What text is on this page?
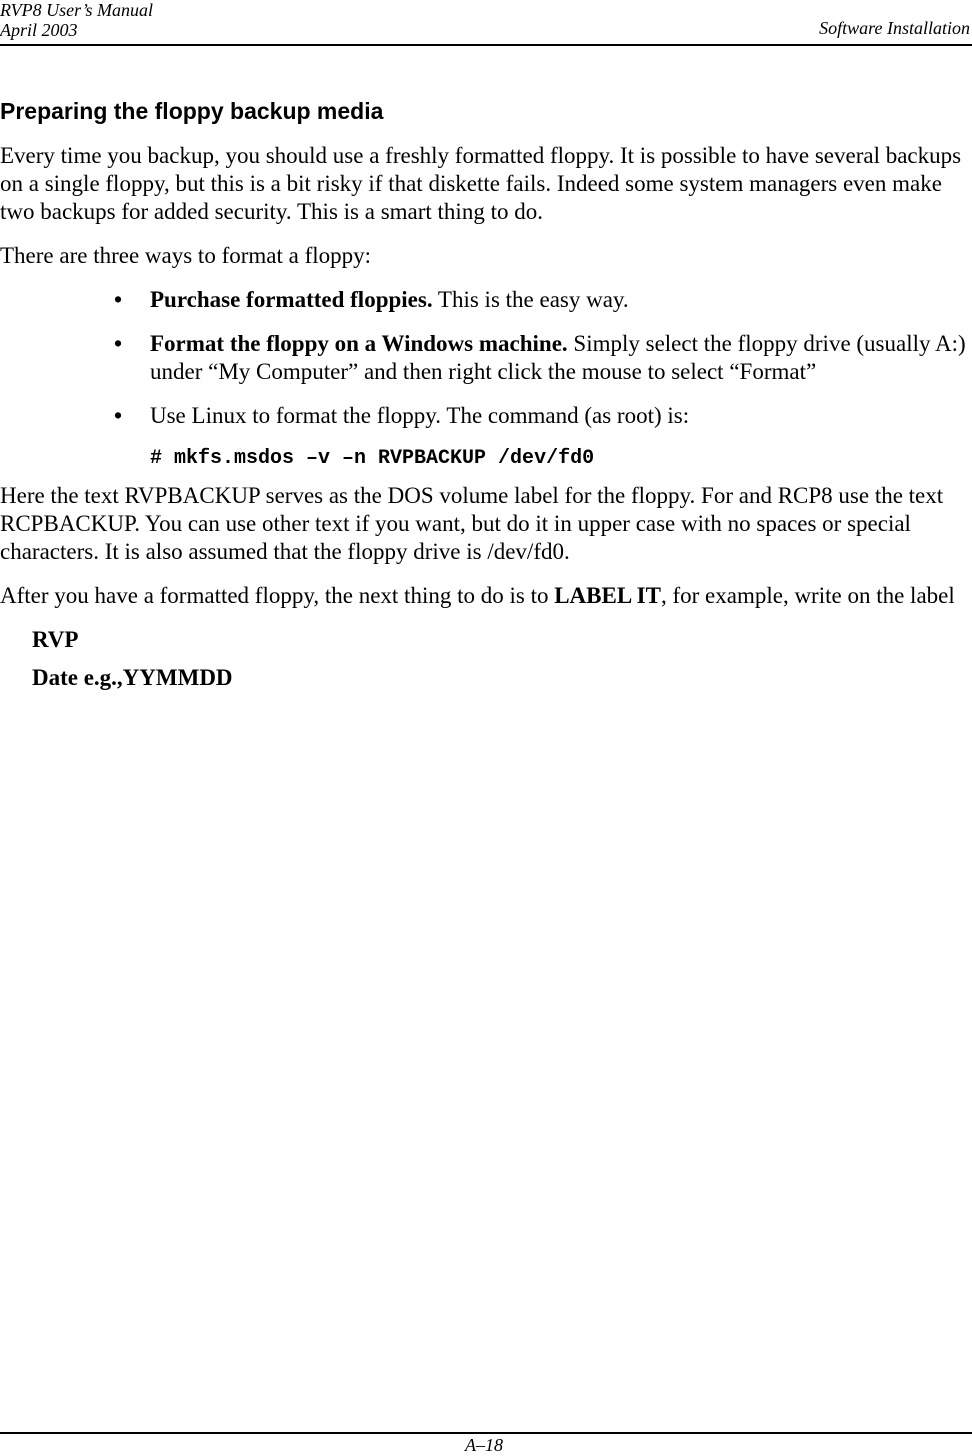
RVP8 User’s Manual
April 2003	Software Installation
Preparing the floppy backup media

Every time you backup, you should use a freshly formatted floppy. It is possible to have several backups on a single floppy, but this is a bit risky if that diskette fails. Indeed some system managers even make two backups for added security. This is a smart thing to do.

There are three ways to format a floppy:

• Purchase formatted floppies. This is the easy way.
• Format the floppy on a Windows machine. Simply select the floppy drive (usually A:) under “My Computer” and then right click the mouse to select “Format”
• Use Linux to format the floppy. The command (as root) is:
# mkfs.msdos –v –n RVPBACKUP /dev/fd0

Here the text RVPBACKUP serves as the DOS volume label for the floppy. For and RCP8 use the text RCPBACKUP. You can use other text if you want, but do it in upper case with no spaces or special characters. It is also assumed that the floppy drive is /dev/fd0.

After you have a formatted floppy, the next thing to do is to LABEL IT, for example, write on the label

RVP
Date e.g.,YYMMDD
A–18
